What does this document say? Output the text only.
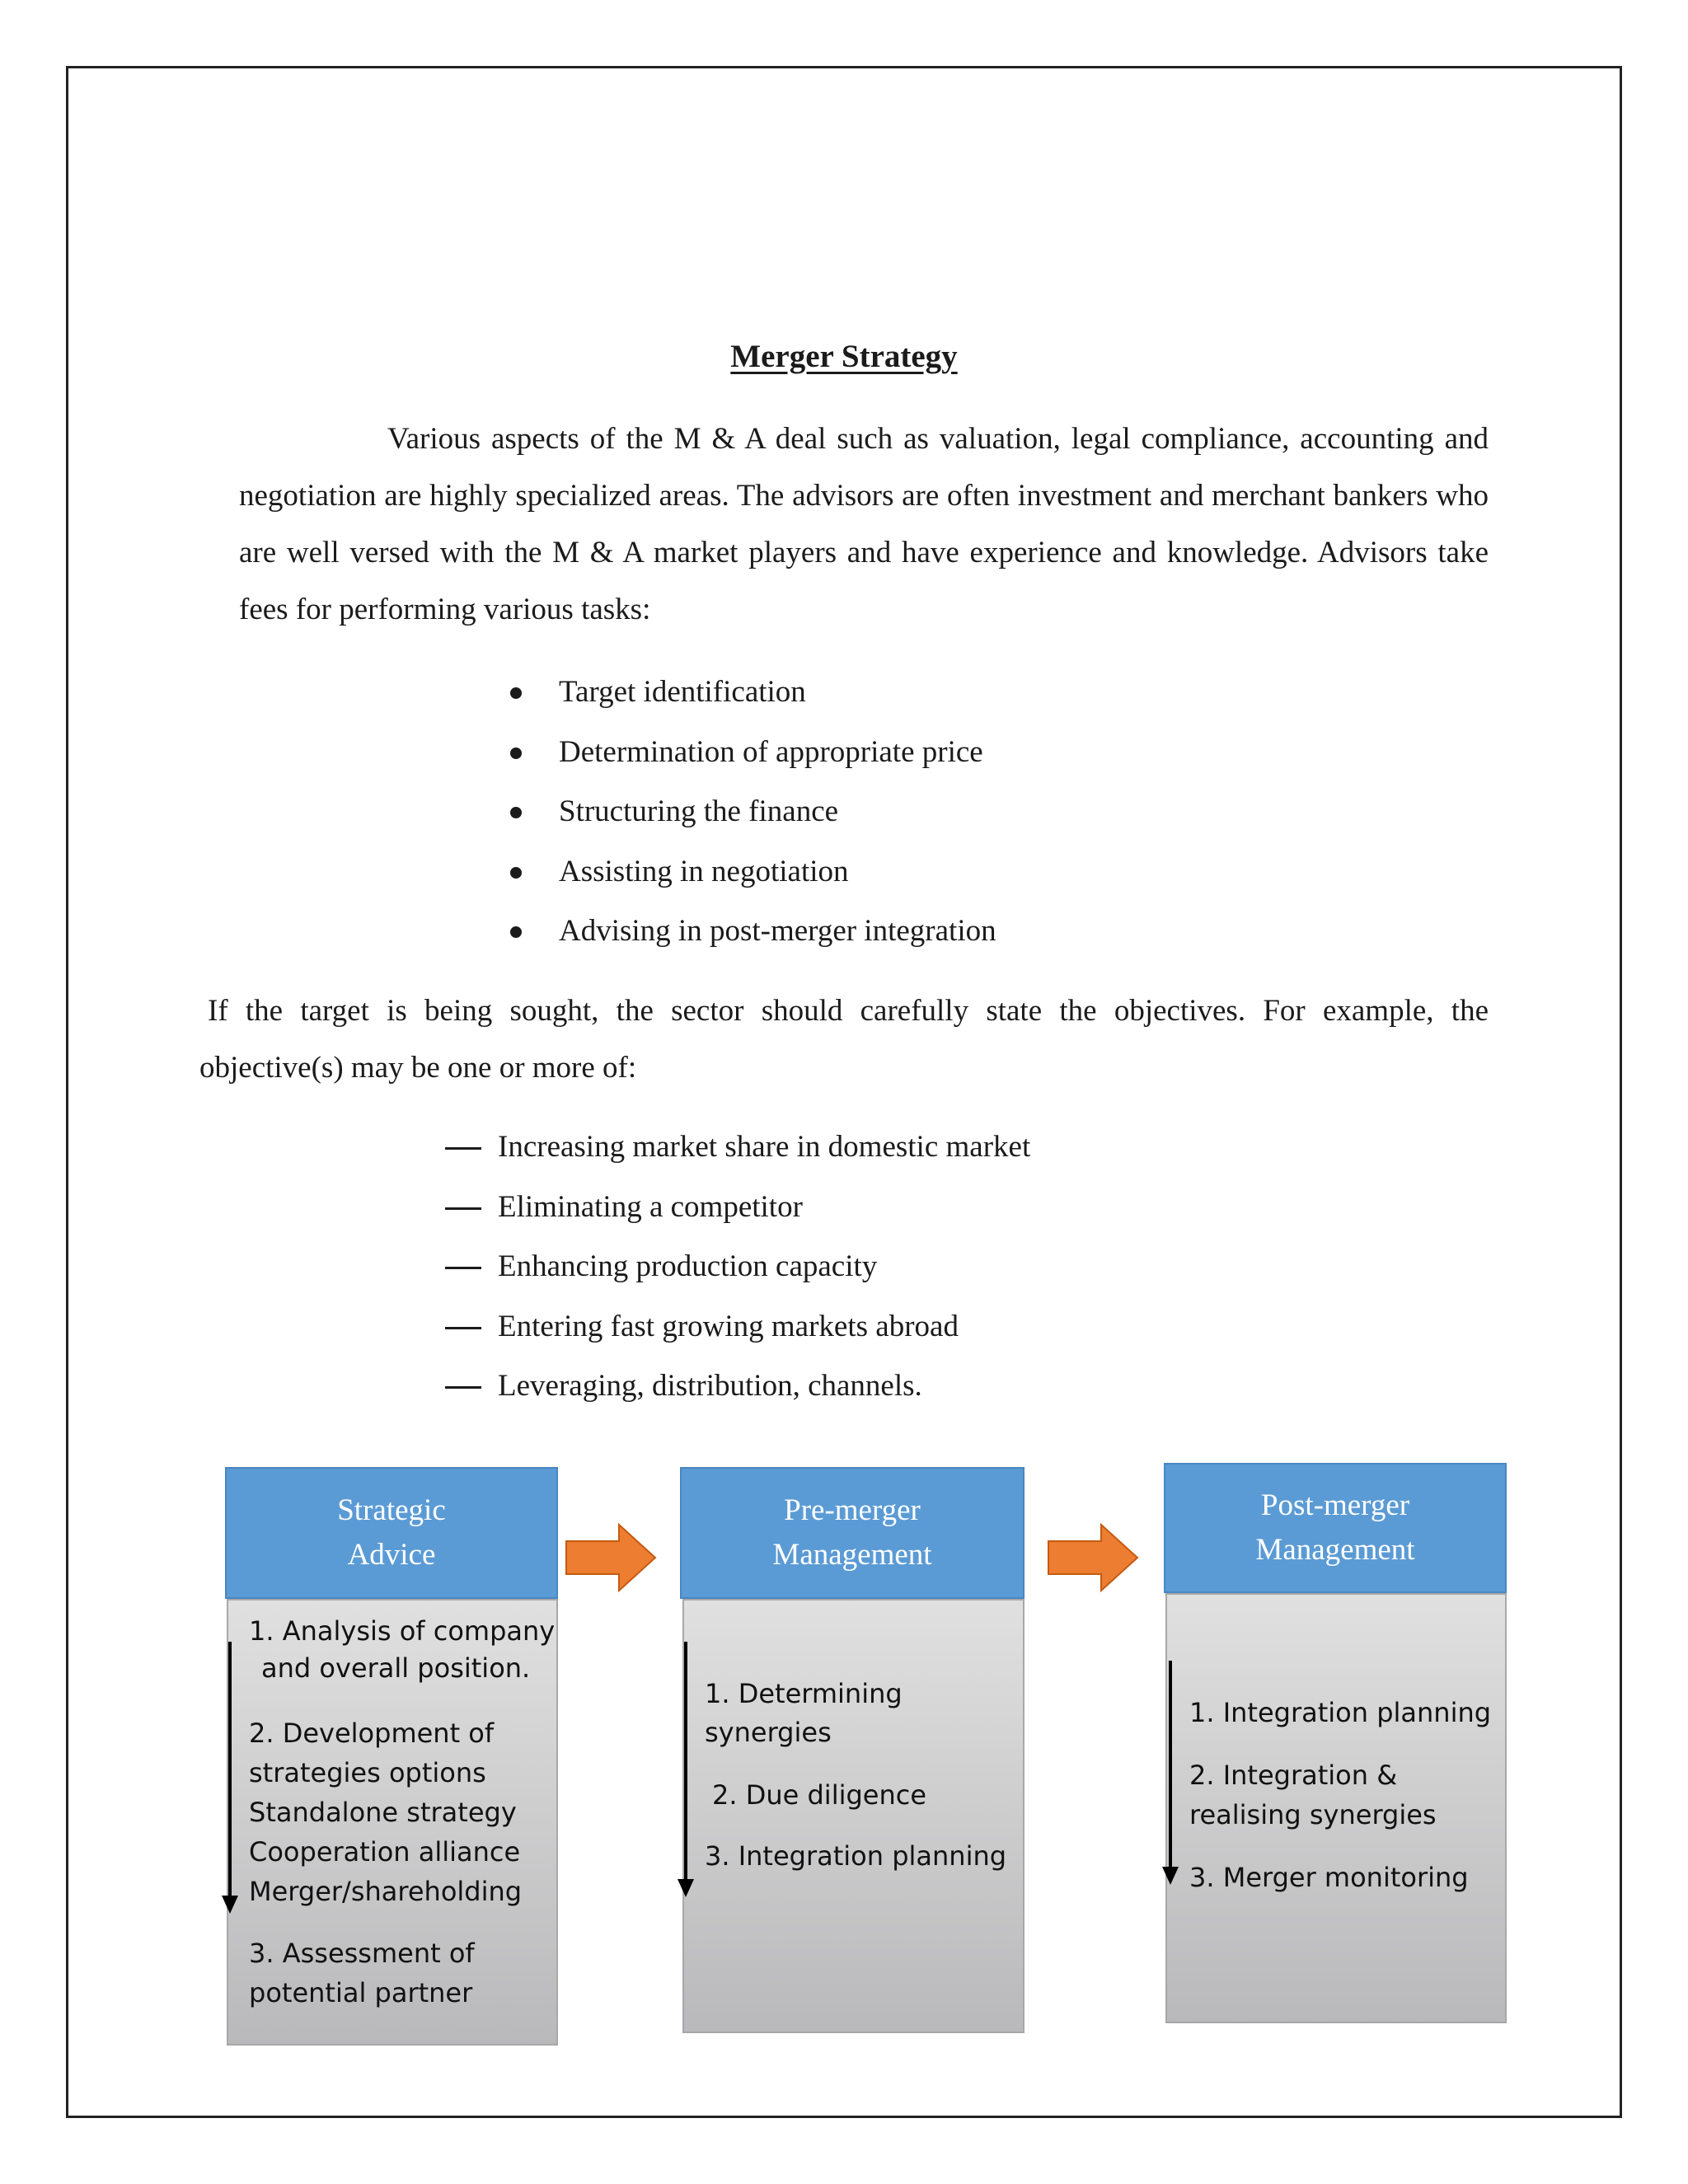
Merger Strategy

Various aspects of the M & A deal such as valuation, legal compliance, accounting and negotiation are highly specialized areas. The advisors are often investment and merchant bankers who are well versed with the M & A market players and have experience and knowledge. Advisors take fees for performing various tasks:

Target identification
Determination of appropriate price
Structuring the finance
Assisting in negotiation
Advising in post-merger integration

If the target is being sought, the sector should carefully state the objectives. For example, the objective(s) may be one or more of:

Increasing market share in domestic market
Eliminating a competitor
Enhancing production capacity
Entering fast growing markets abroad
Leveraging, distribution, channels.
Strategic
Advice
1. Analysis of company
and overall position.
2. Development of
strategies options
Standalone strategy
Cooperation alliance
Merger/shareholding
3. Assessment of
potential partner
Pre-merger
Management
1. Determining
synergies
2. Due diligence
3. Integration planning
Post-merger
Management
1. Integration planning
2. Integration &
realising synergies
3. Merger monitoring
